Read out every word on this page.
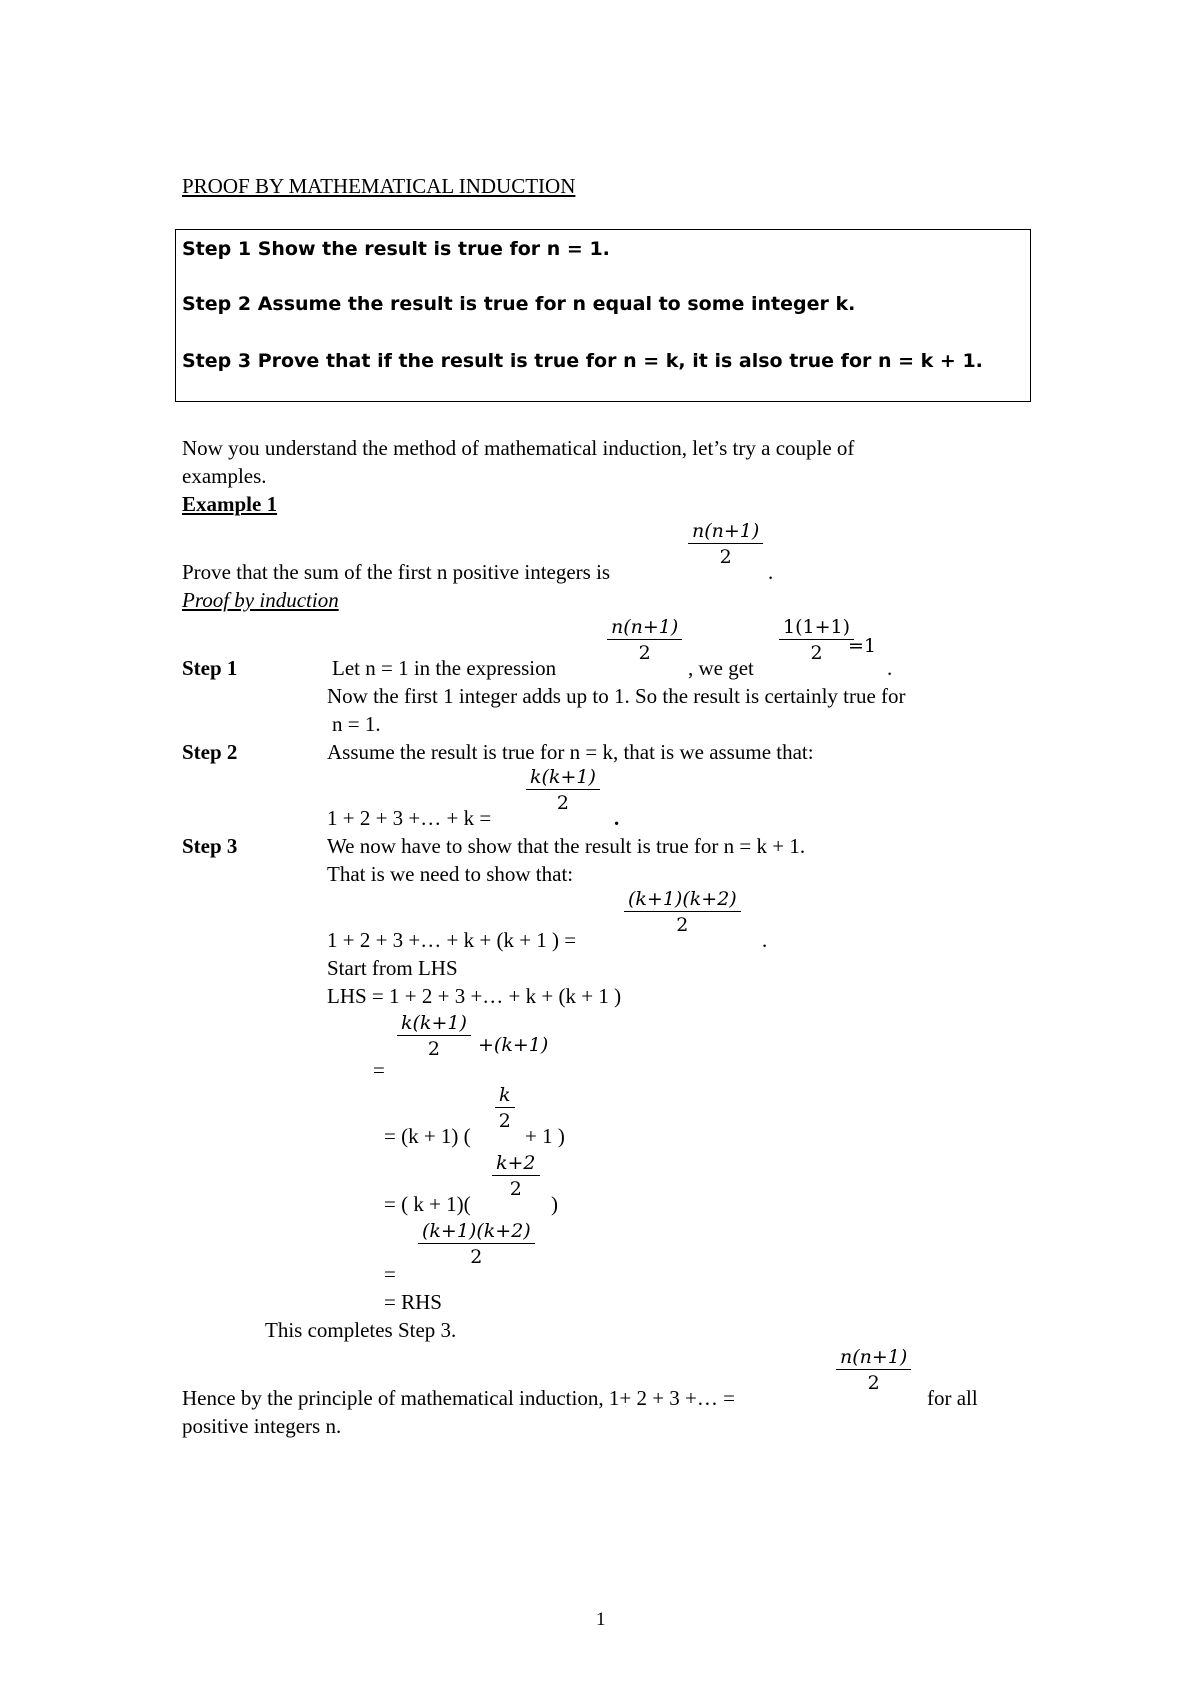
PROOF BY MATHEMATICAL INDUCTION
Step 1 Show the result is true for n = 1.
Step 2 Assume the result is true for n equal to some integer k.
Step 3 Prove that if the result is true for n = k, it is also true for n = k + 1.
Now you understand the method of mathematical induction, let’s try a couple of
examples.
Example 1
$\frac{n(n+1)}{2}$
Prove that the sum of the first n positive integers is	.
Proof by induction
$\frac{n(n+1)}{2}$	$\frac{1(1+1)}{2}$
=1
Step 1	Let n = 1 in the expression	, we get	.
Now the first 1 integer adds up to 1. So the result is certainly true for
n = 1.
Step 2	Assume the result is true for n = k, that is we assume that:
$\frac{k(k+1)}{2}$
1 + 2 + 3 +… + k =	.
Step 3	We now have to show that the result is true for n = k + 1.
That is we need to show that:
$\frac{(k+1)(k+2)}{2}$
1 + 2 + 3 +… + k + (k + 1 ) =	.
Start from LHS
LHS = 1 + 2 + 3 +… + k + (k + 1 )
$\frac{k(k+1)}{2} +(k+1)$
=
$\frac{k}{2}$
= (k + 1) (	+ 1 )
$\frac{k+2}{2}$
= ( k + 1)(	)
$\frac{(k+1)(k+2)}{2}$
=
= RHS
This completes Step 3.
$\frac{n(n+1)}{2}$
Hence by the principle of mathematical induction, 1+ 2 + 3 +… =	for all
positive integers n.
1
